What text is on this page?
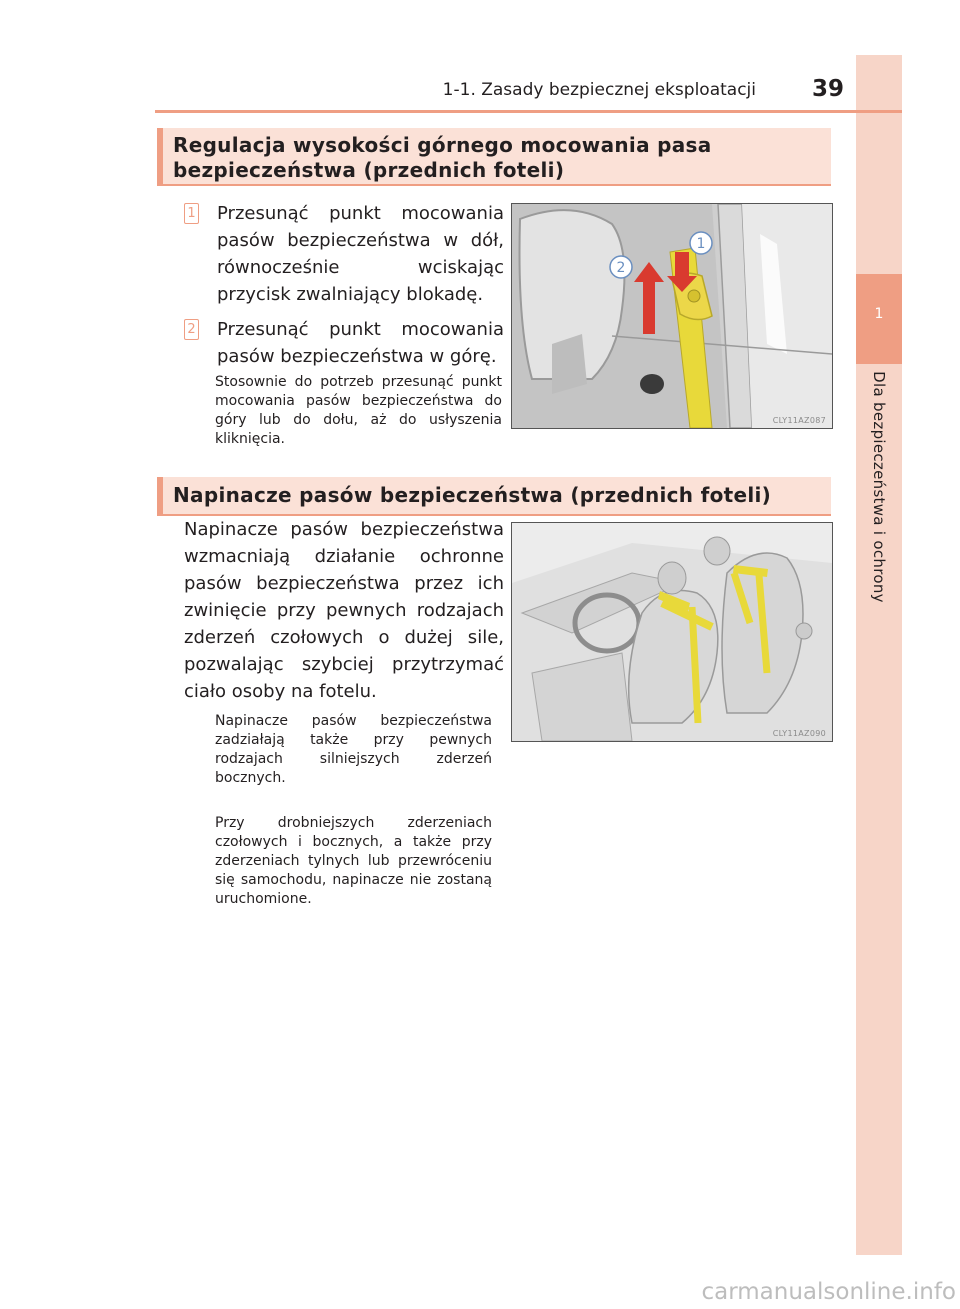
1
Dla bezpieczeństwa i ochrony
1-1. Zasady bezpiecznej eksploatacji 39
Regulacja wysokości górnego mocowania pasa
bezpieczeństwa (przednich foteli)
1 Przesunąć punkt mocowania pasów bezpieczeństwa w dół, równocześnie wciskając przycisk zwalniający blokadę.
2 Przesunąć punkt mocowania pasów bezpieczeństwa w górę.
Stosownie do potrzeb przesunąć punkt mocowania pasów bezpieczeństwa do góry lub do dołu, aż do usłyszenia kliknięcia.
1
2
CLY11AZ087
Napinacze pasów bezpieczeństwa (przednich foteli)
Napinacze pasów bezpieczeństwa wzmacniają działanie ochronne pasów bezpieczeństwa przez ich zwinięcie przy pewnych rodzajach zderzeń czołowych o dużej sile, pozwalając szybciej przytrzymać ciało osoby na fotelu.
Napinacze pasów bezpieczeństwa zadziałają także przy pewnych rodzajach silniejszych zderzeń bocznych.
Przy drobniejszych zderzeniach czołowych i bocznych, a także przy zderzeniach tylnych lub przewróceniu się samochodu, napinacze nie zostaną uruchomione.
CLY11AZ090
carmanualsonline.info
